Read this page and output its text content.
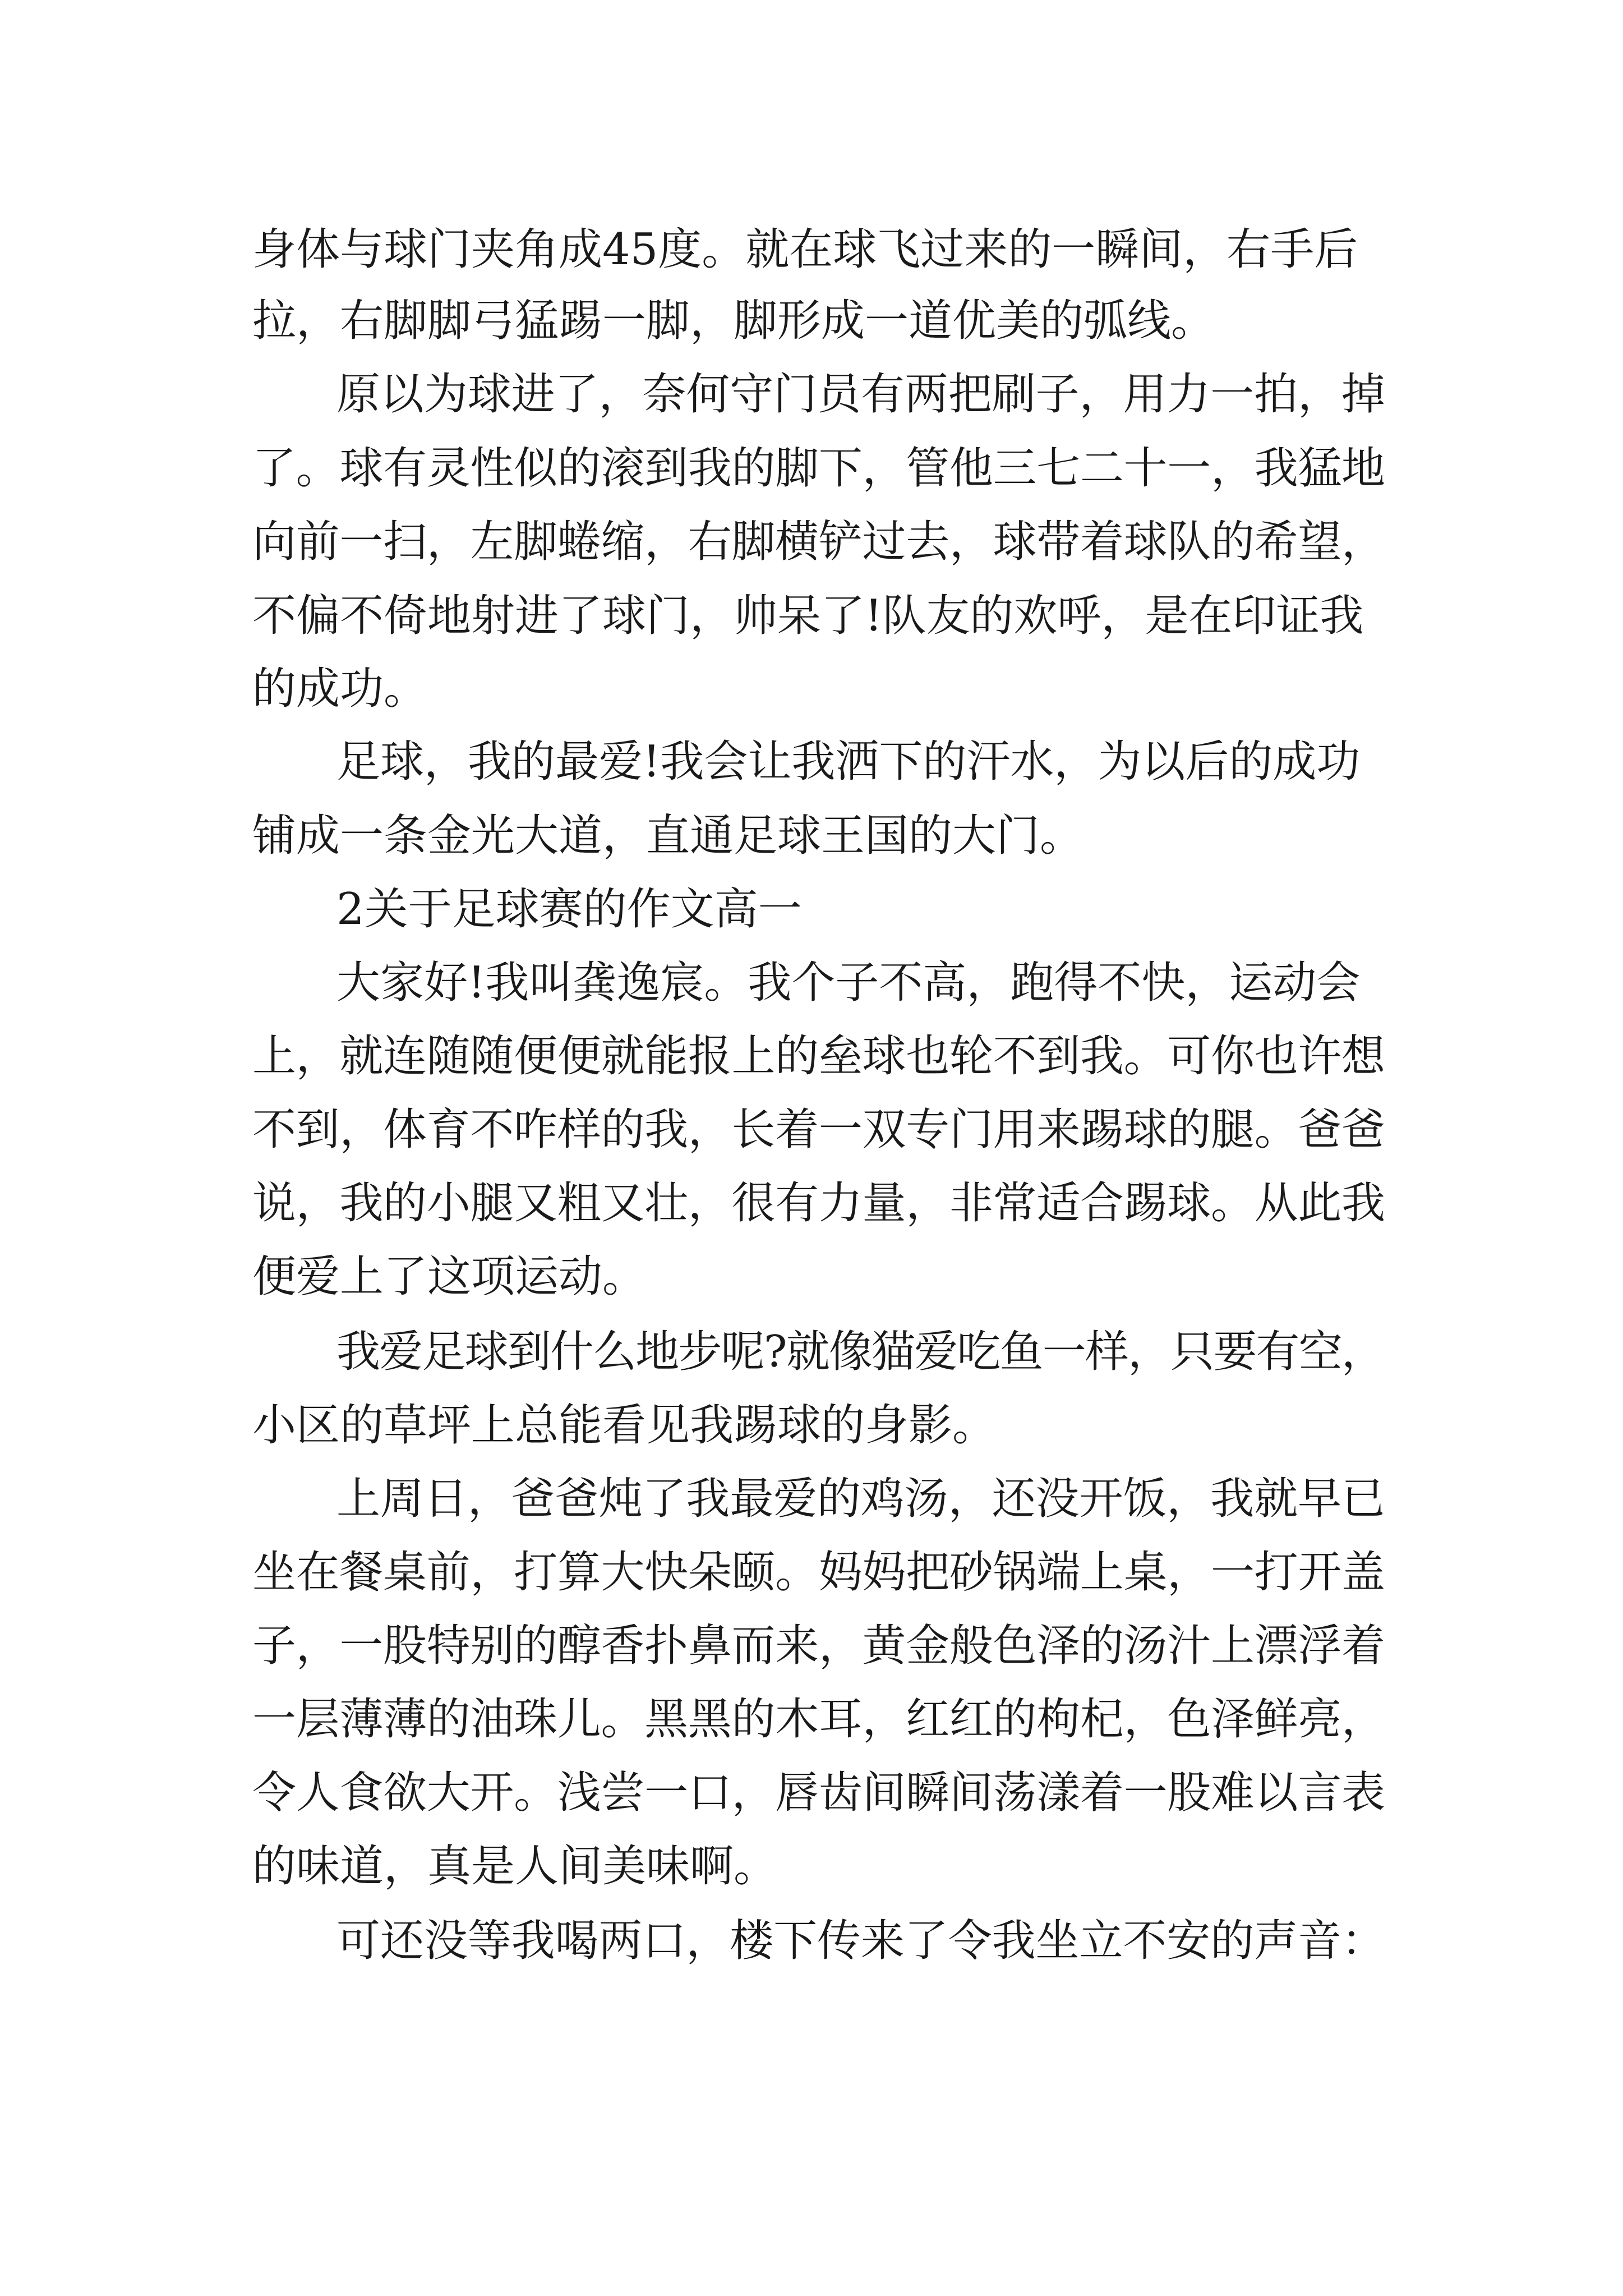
身体与球门夹角成45度。就在球飞过来的一瞬间，右手后
拉，右脚脚弓猛踢一脚，脚形成一道优美的弧线。
原以为球进了，奈何守门员有两把刷子，用力一拍，掉
了。球有灵性似的滚到我的脚下，管他三七二十一，我猛地
向前一扫，左脚蜷缩，右脚横铲过去，球带着球队的希望，
不偏不倚地射进了球门，帅呆了!队友的欢呼，是在印证我
的成功。
足球，我的最爱!我会让我洒下的汗水，为以后的成功
铺成一条金光大道，直通足球王国的大门。
2关于足球赛的作文高一
大家好!我叫龚逸宸。我个子不高，跑得不快，运动会
上，就连随随便便就能报上的垒球也轮不到我。可你也许想
不到，体育不咋样的我，长着一双专门用来踢球的腿。爸爸
说，我的小腿又粗又壮，很有力量，非常适合踢球。从此我
便爱上了这项运动。
我爱足球到什么地步呢?就像猫爱吃鱼一样，只要有空，
小区的草坪上总能看见我踢球的身影。
上周日，爸爸炖了我最爱的鸡汤，还没开饭，我就早已
坐在餐桌前，打算大快朵颐。妈妈把砂锅端上桌，一打开盖
子，一股特别的醇香扑鼻而来，黄金般色泽的汤汁上漂浮着
一层薄薄的油珠儿。黑黑的木耳，红红的枸杞，色泽鲜亮，
令人食欲大开。浅尝一口，唇齿间瞬间荡漾着一股难以言表
的味道，真是人间美味啊。
可还没等我喝两口，楼下传来了令我坐立不安的声音：
